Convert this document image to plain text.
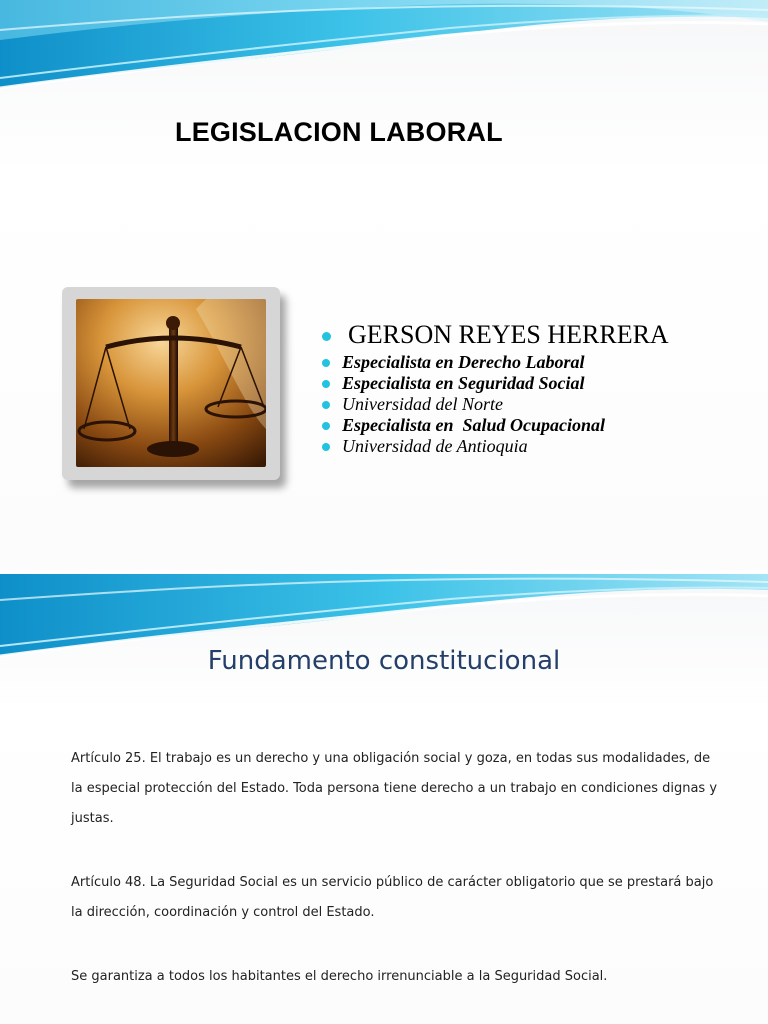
LEGISLACION LABORAL
GERSON REYES HERRERA
Especialista en Derecho Laboral
Especialista en Seguridad Social
Universidad del Norte
Especialista en  Salud Ocupacional
Universidad de Antioquia
Fundamento constitucional

Artículo 25. El trabajo es un derecho y una obligación social y goza, en todas sus modalidades, de la especial protección del Estado. Toda persona tiene derecho a un trabajo en condiciones dignas y justas.

Artículo 48. La Seguridad Social es un servicio público de carácter obligatorio que se prestará bajo la dirección, coordinación y control del Estado.

Se garantiza a todos los habitantes el derecho irrenunciable a la Seguridad Social.
